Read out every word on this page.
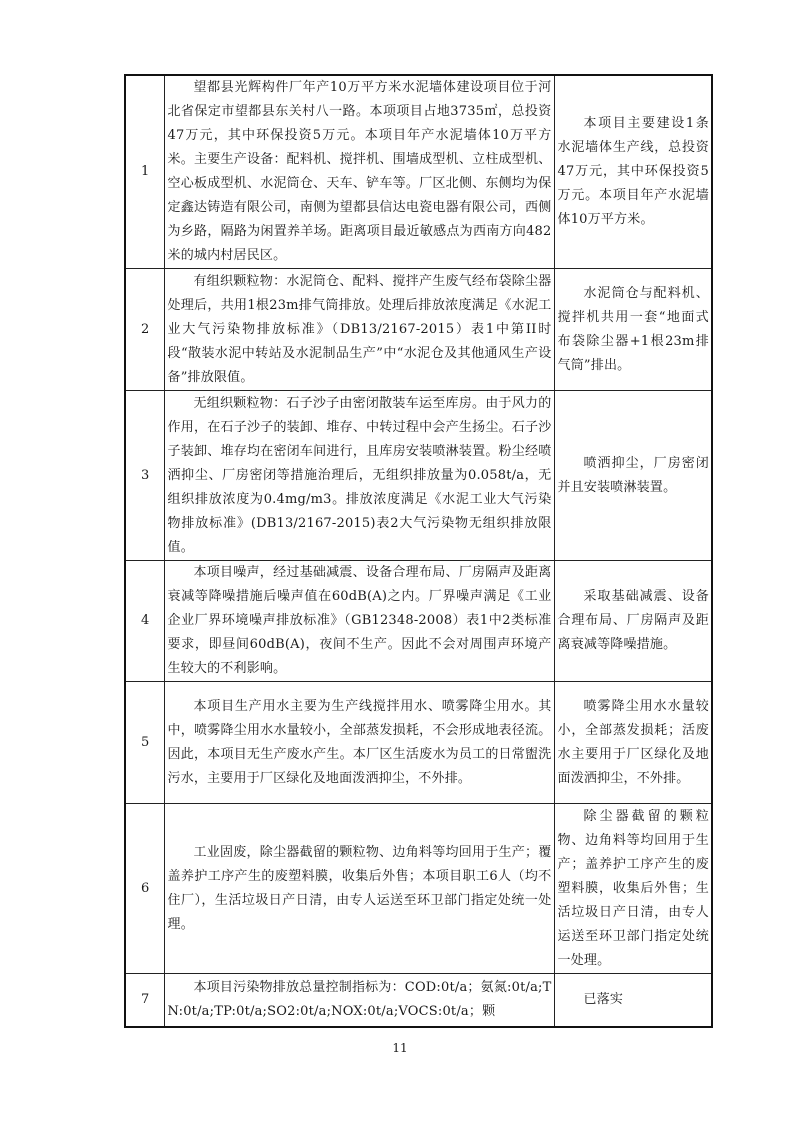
1	望都县光辉构件厂年产10万平方米水泥墙体建设项目位于河北省保定市望都县东关村八一路。本项项目占地3735㎡，总投资47万元，其中环保投资5万元。本项目年产水泥墙体10万平方米。主要生产设备：配料机、搅拌机、围墙成型机、立柱成型机、空心板成型机、水泥筒仓、天车、铲车等。厂区北侧、东侧均为保定鑫达铸造有限公司，南侧为望都县信达电瓷电器有限公司，西侧为乡路，隔路为闲置养羊场。距离项目最近敏感点为西南方向482米的城内村居民区。	本项目主要建设1条水泥墙体生产线，总投资47万元，其中环保投资5万元。本项目年产水泥墙体10万平方米。

2	有组织颗粒物：水泥筒仓、配料、搅拌产生废气经布袋除尘器处理后，共用1根23m排气筒排放。处理后排放浓度满足《水泥工业大气污染物排放标准》（DB13/2167-2015）表1中第II时段“散装水泥中转站及水泥制品生产”中“水泥仓及其他通风生产设备”排放限值。	水泥筒仓与配料机、搅拌机共用一套“地面式布袋除尘器+1根23m排气筒”排出。

3	无组织颗粒物：石子沙子由密闭散装车运至库房。由于风力的作用，在石子沙子的装卸、堆存、中转过程中会产生扬尘。石子沙子装卸、堆存均在密闭车间进行，且库房安装喷淋装置。粉尘经喷洒抑尘、厂房密闭等措施治理后，无组织排放量为0.058t/a，无组织排放浓度为0.4mg/m3。排放浓度满足《水泥工业大气污染物排放标准》(DB13/2167-2015)表2大气污染物无组织排放限值。	喷洒抑尘，厂房密闭并且安装喷淋装置。

4	本项目噪声，经过基础减震、设备合理布局、厂房隔声及距离衰减等降噪措施后噪声值在60dB(A)之内。厂界噪声满足《工业企业厂界环境噪声排放标准》（GB12348-2008）表1中2类标准要求，即昼间60dB(A)，夜间不生产。因此不会对周围声环境产生较大的不利影响。	采取基础减震、设备合理布局、厂房隔声及距离衰减等降噪措施。

5	本项目生产用水主要为生产线搅拌用水、喷雾降尘用水。其中，喷雾降尘用水水量较小，全部蒸发损耗，不会形成地表径流。因此，本项目无生产废水产生。本厂区生活废水为员工的日常盥洗污水，主要用于厂区绿化及地面泼洒抑尘，不外排。	喷雾降尘用水水量较小，全部蒸发损耗；活废水主要用于厂区绿化及地面泼洒抑尘，不外排。

6	工业固废，除尘器截留的颗粒物、边角料等均回用于生产；覆盖养护工序产生的废塑料膜，收集后外售；本项目职工6人（均不住厂），生活垃圾日产日清，由专人运送至环卫部门指定处统一处理。	除尘器截留的颗粒物、边角料等均回用于生产；盖养护工序产生的废塑料膜，收集后外售；生活垃圾日产日清，由专人运送至环卫部门指定处统一处理。

7	本项目污染物排放总量控制指标为：COD:0t/a；氨氮:0t/a;TN:0t/a;TP:0t/a;SO2:0t/a;NOX:0t/a;VOCS:0t/a；颗	已落实
11
